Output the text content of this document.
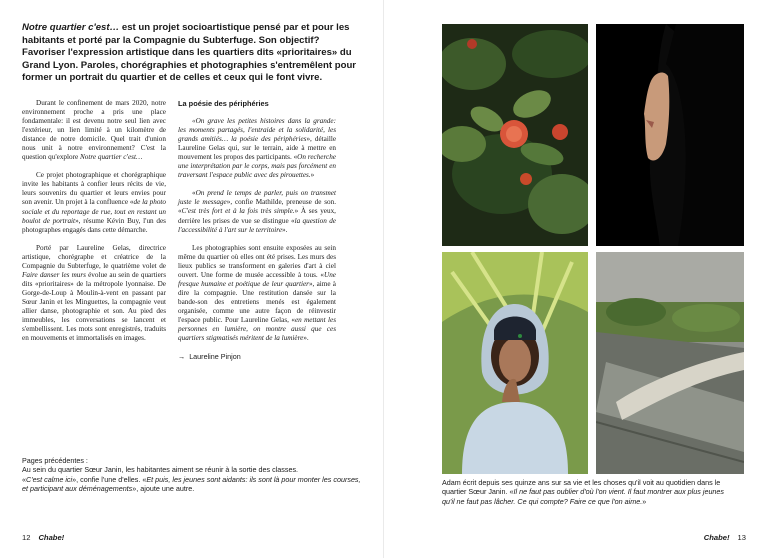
Notre quartier c'est… est un projet socioartistique pensé par et pour les habitants et porté par la Compagnie du Subterfuge. Son objectif? Favoriser l'expression artistique dans les quartiers dits «prioritaires» du Grand Lyon. Paroles, chorégraphies et photographies s'entremêlent pour former un portrait du quartier et de celles et ceux qui le font vivre.

Durant le confinement de mars 2020, notre environnement proche a pris une place fondamentale: il est devenu notre seul lien avec l'extérieur, un lien limité à un kilomètre de distance de notre domicile. Quel trait d'union nous unit à notre environnement? C'est la question qu'explore Notre quartier c'est…

Ce projet photographique et chorégraphique invite les habitants à confier leurs récits de vie, leurs souvenirs du quartier et leurs envies pour son avenir. Un projet à la confluence «de la photo sociale et du reportage de rue, tout en restant un boulot de portrait», résume Kévin Buy, l'un des photographes engagés dans cette démarche.

Porté par Laureline Gelas, directrice artistique, chorégraphe et créatrice de la Compagnie du Subterfuge, le quatrième volet de Faire danser les murs évolue au sein de quartiers dits «prioritaires» de la métropole lyonnaise. De Gorge-de-Loup à Moulin-à-vent en passant par Sœur Janin et les Minguettes, la compagnie veut allier danse, photographie et son. Au pied des immeubles, les conversations se lancent et s'embellissent. Les mots sont enregistrés, traduits en mouvements et immortalisés en images.

La poésie des périphéries

«On grave les petites histoires dans la grande: les moments partagés, l'entraide et la solidarité, les grands amitiés… la poésie des périphéries», détaille Laureline Gelas qui, sur le terrain, aide à mettre en mouvement les propos des participants. «On recherche une interprétation par le corps, mais pas forcément en traversant l'espace public avec des pirouettes.»

«On prend le temps de parler, puis on transmet juste le message», confie Mathilde, preneuse de son. «C'est très fort et à la fois très simple.» À ses yeux, derrière les prises de vue se distingue «la question de l'accessibilité à l'art sur le territoire».

Les photographies sont ensuite exposées au sein même du quartier où elles ont été prises. Les murs des lieux publics se transforment en galeries d'art à ciel ouvert. Une forme de musée accessible à tous. «Une fresque humaine et poétique de leur quartier», aime à dire la compagnie. Une restitution dansée sur la bande-son des entretiens menés est également organisée, comme une autre façon de réinvestir l'espace public. Pour Laureline Gelas, «en mettant les personnes en lumière, on montre aussi que ces quartiers stigmatisés méritent de la lumière».

→ Laureline Pinjon

Pages précédentes :
Au sein du quartier Sœur Janin, les habitantes aiment se réunir à la sortie des classes.
«C'est calme ici», confie l'une d'elles. «Et puis, les jeunes sont aidants: ils sont là pour monter les courses, et participant aux déménagements», ajoute une autre.

12 Chabe!

Adam écrit depuis ses quinze ans sur sa vie et les choses qu'il voit au quotidien dans le quartier Sœur Janin. «Il ne faut pas oublier d'où l'on vient. Il faut montrer aux plus jeunes qu'il ne faut pas lâcher. Ce qui compte? Faire ce que l'on aime.»

Chabe! 13
